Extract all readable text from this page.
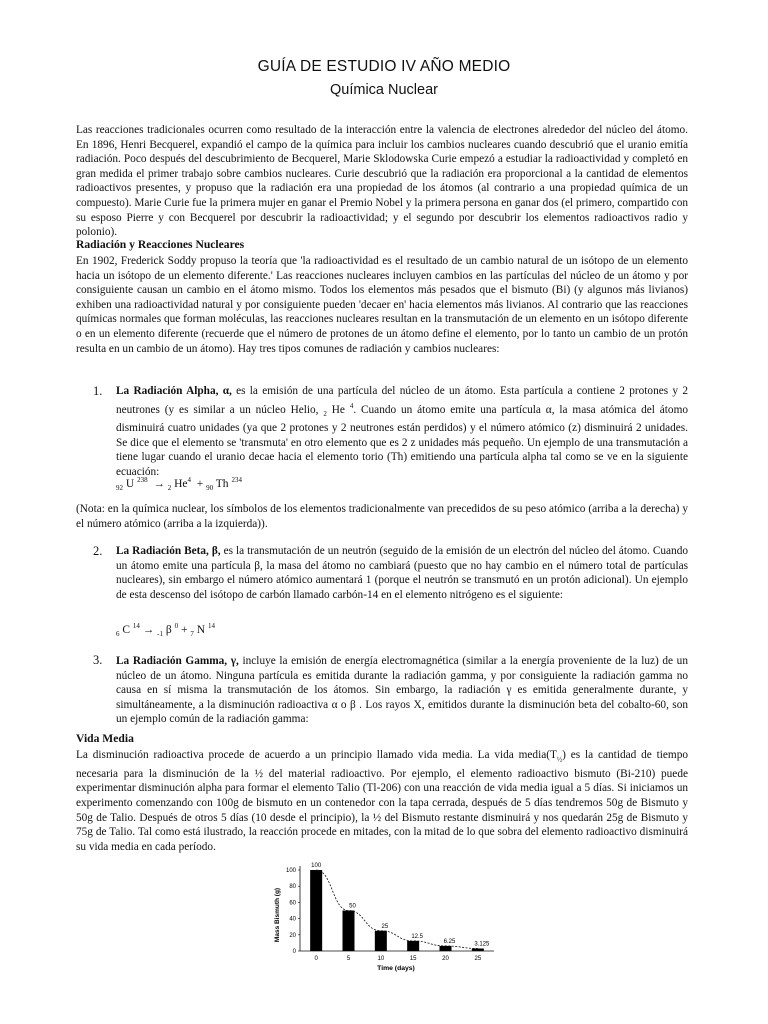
GUÍA DE ESTUDIO IV AÑO MEDIO
Química Nuclear

Las reacciones tradicionales ocurren como resultado de la interacción entre la valencia de electrones alrededor del núcleo del átomo. En 1896, Henri Becquerel, expandió el campo de la química para incluir los cambios nucleares cuando descubrió que el uranio emitía radiación. Poco después del descubrimiento de Becquerel, Marie Sklodowska Curie empezó a estudiar la radioactividad y completó en gran medida el primer trabajo sobre cambios nucleares. Curie descubrió que la radiación era proporcional a la cantidad de elementos radioactivos presentes, y propuso que la radiación era una propiedad de los átomos (al contrario a una propiedad química de un compuesto). Marie Curie fue la primera mujer en ganar el Premio Nobel y la primera persona en ganar dos (el primero, compartido con su esposo Pierre y con Becquerel por descubrir la radioactividad; y el segundo por descubrir los elementos radioactivos radio y polonio).

Radiación y Reacciones Nucleares

En 1902, Frederick Soddy propuso la teoría que 'la radioactividad es el resultado de un cambio natural de un isótopo de un elemento hacia un isótopo de un elemento diferente.' Las reacciones nucleares incluyen cambios en las partículas del núcleo de un átomo y por consiguiente causan un cambio en el átomo mismo. Todos los elementos más pesados que el bismuto (Bi) (y algunos más livianos) exhiben una radioactividad natural y por consiguiente pueden 'decaer en' hacia elementos más livianos. Al contrario que las reacciones químicas normales que forman moléculas, las reacciones nucleares resultan en la transmutación de un elemento en un isótopo diferente o en un elemento diferente (recuerde que el número de protones de un átomo define el elemento, por lo tanto un cambio de un protón resulta en un cambio de un átomo). Hay tres tipos comunes de radiación y cambios nucleares:

1. La Radiación Alpha, α, es la emisión de una partícula del núcleo de un átomo. Esta partícula a contiene 2 protones y 2 neutrones (y es similar a un núcleo Helio, $_2$ He $^4$. Cuando un átomo emite una partícula α, la masa atómica del átomo disminuirá cuatro unidades (ya que 2 protones y 2 neutrones están perdidos) y el número atómico (z) disminuirá 2 unidades. Se dice que el elemento se 'transmuta' en otro elemento que es 2 z unidades más pequeño. Un ejemplo de una transmutación a tiene lugar cuando el uranio decae hacia el elemento torio (Th) emitiendo una partícula alpha tal como se ve en la siguiente ecuación:

$_{92}$ U $^{238}$ → $_2$ $He^4 + _{90}$ Th $^{234}$

(Nota: en la química nuclear, los símbolos de los elementos tradicionalmente van precedidos de su peso atómico (arriba a la derecha) y el número atómico (arriba a la izquierda)).

2. La Radiación Beta, β, es la transmutación de un neutrón (seguido de la emisión de un electrón del núcleo del átomo. Cuando un átomo emite una partícula β, la masa del átomo no cambiará (puesto que no hay cambio en el número total de partículas nucleares), sin embargo el número atómico aumentará 1 (porque el neutrón se transmutó en un protón adicional). Un ejemplo de esta descenso del isótopo de carbón llamado carbón-14 en el elemento nitrógeno es el siguiente:

$_6$ C $^{14}$ → $_{-1}$ β $^0$ + $_7$ N $^{14}$
3. La Radiación Gamma, γ, incluye la emisión de energía electromagnética (similar a la energía proveniente de la luz) de un núcleo de un átomo. Ninguna partícula es emitida durante la radiación gamma, y por consiguiente la radiación gamma no causa en sí misma la transmutación de los átomos. Sin embargo, la radiación γ es emitida generalmente durante, y simultáneamente, a la disminución radioactiva α o β . Los rayos X, emitidos durante la disminución beta del cobalto-60, son un ejemplo común de la radiación gamma:

Vida Media

La disminución radioactiva procede de acuerdo a un principio llamado vida media. La vida $media(T_{\frac{1}{2}})$ es la cantidad de tiempo necesaria para la disminución de la ½ del material radioactivo. Por ejemplo, el elemento radioactivo bismuto (Bi-210) puede experimentar disminución alpha para formar el elemento Talio (Tl-206) con una reacción de vida media igual a 5 días. Si iniciamos un experimento comenzando con 100g de bismuto en un contenedor con la tapa cerrada, después de 5 días tendremos 50g de Bismuto y 50g de Talio. Después de otros 5 días (10 desde el principio), la ½ del Bismuto restante disminuirá y nos quedarán 25g de Bismuto y 75g de Talio. Tal como está ilustrado, la reacción procede en mitades, con la mitad de lo que sobra del elemento radioactivo disminuirá su vida media en cada período.

0
20
40
60
80
100
100
0
50
5
25
10
12.5
15
6.25
20
3.125
25
Mass Bismuth (g)
Time (days)
